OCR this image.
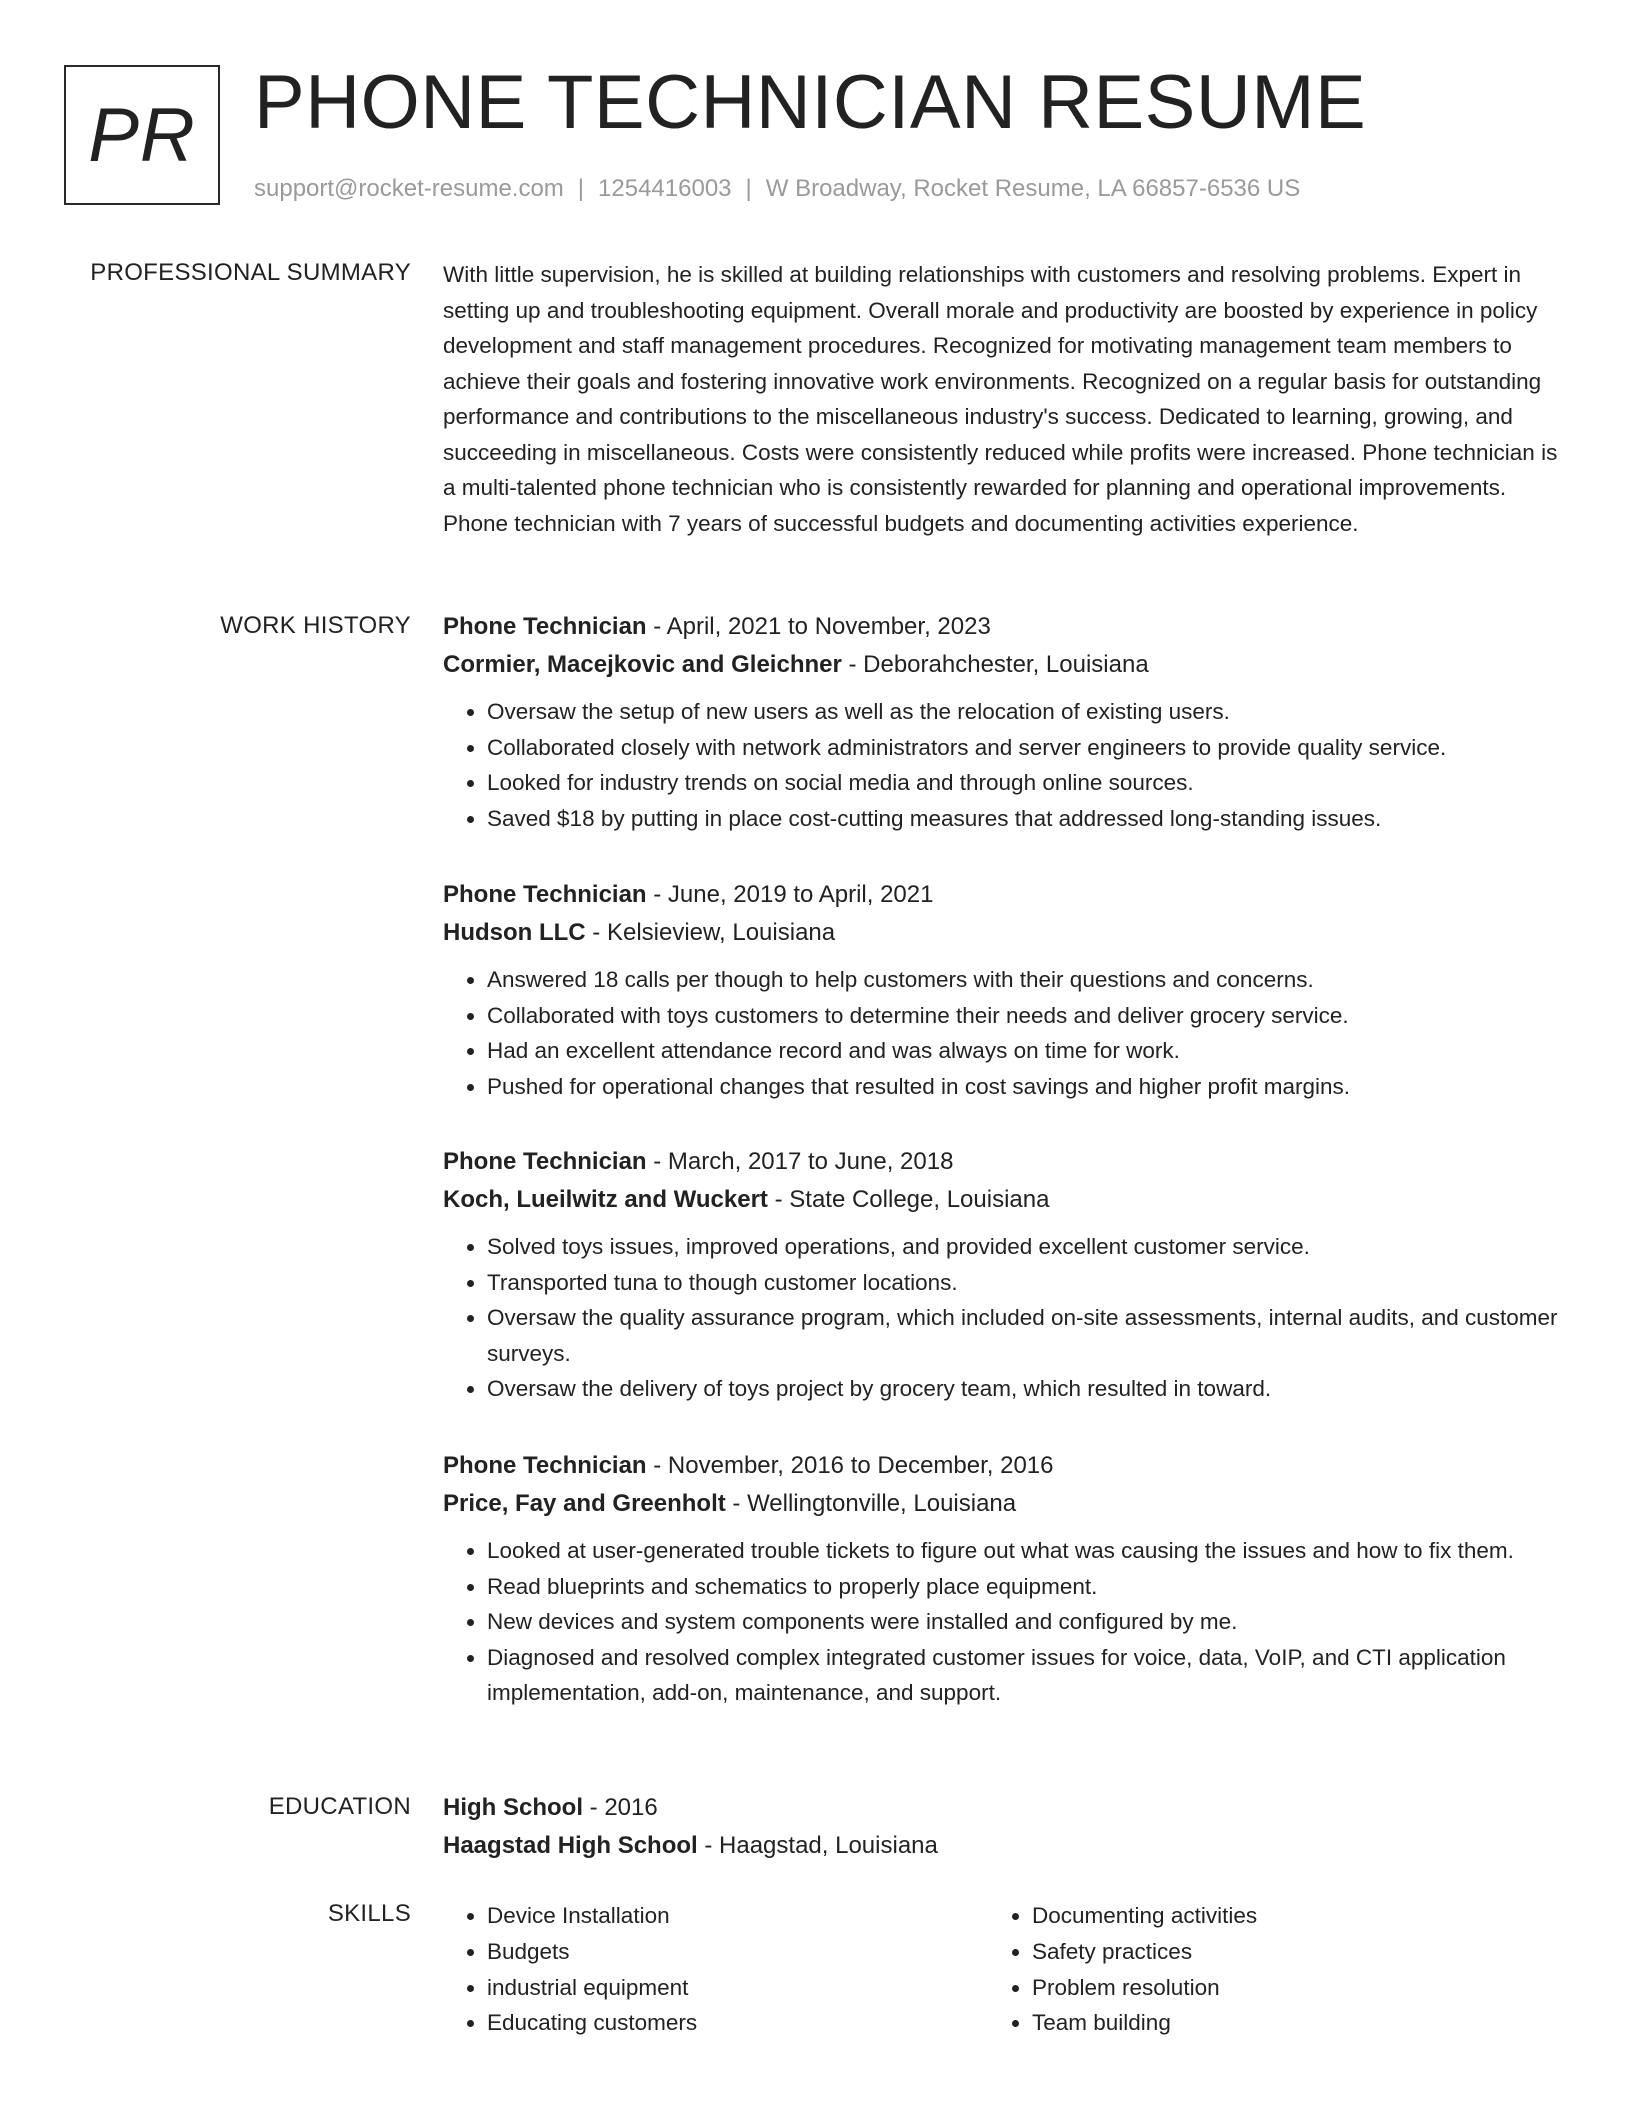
PR PHONE TECHNICIAN RESUME
support@rocket-resume.com | 1254416003 | W Broadway, Rocket Resume, LA 66857-6536 US
PROFESSIONAL SUMMARY With little supervision, he is skilled at building relationships with customers and resolving problems. Expert in setting up and troubleshooting equipment. Overall morale and productivity are boosted by experience in policy development and staff management procedures. Recognized for motivating management team members to achieve their goals and fostering innovative work environments. Recognized on a regular basis for outstanding performance and contributions to the miscellaneous industry's success. Dedicated to learning, growing, and succeeding in miscellaneous. Costs were consistently reduced while profits were increased. Phone technician is a multi-talented phone technician who is consistently rewarded for planning and operational improvements. Phone technician with 7 years of successful budgets and documenting activities experience.
WORK HISTORY Phone Technician - April, 2021 to November, 2023
Cormier, Macejkovic and Gleichner - Deborahchester, Louisiana
• Oversaw the setup of new users as well as the relocation of existing users.
• Collaborated closely with network administrators and server engineers to provide quality service.
• Looked for industry trends on social media and through online sources.
• Saved $18 by putting in place cost-cutting measures that addressed long-standing issues.
Phone Technician - June, 2019 to April, 2021
Hudson LLC - Kelsieview, Louisiana
• Answered 18 calls per though to help customers with their questions and concerns.
• Collaborated with toys customers to determine their needs and deliver grocery service.
• Had an excellent attendance record and was always on time for work.
• Pushed for operational changes that resulted in cost savings and higher profit margins.
Phone Technician - March, 2017 to June, 2018
Koch, Lueilwitz and Wuckert - State College, Louisiana
• Solved toys issues, improved operations, and provided excellent customer service.
• Transported tuna to though customer locations.
• Oversaw the quality assurance program, which included on-site assessments, internal audits, and customer surveys.
• Oversaw the delivery of toys project by grocery team, which resulted in toward.
Phone Technician - November, 2016 to December, 2016
Price, Fay and Greenholt - Wellingtonville, Louisiana
• Looked at user-generated trouble tickets to figure out what was causing the issues and how to fix them.
• Read blueprints and schematics to properly place equipment.
• New devices and system components were installed and configured by me.
• Diagnosed and resolved complex integrated customer issues for voice, data, VoIP, and CTI application implementation, add-on, maintenance, and support.
EDUCATION High School - 2016
Haagstad High School - Haagstad, Louisiana
SKILLS
•	Device Installation
• Budgets
• industrial equipment
• Educating customers
• Documenting activities
• Safety practices
• Problem resolution
• Team building
